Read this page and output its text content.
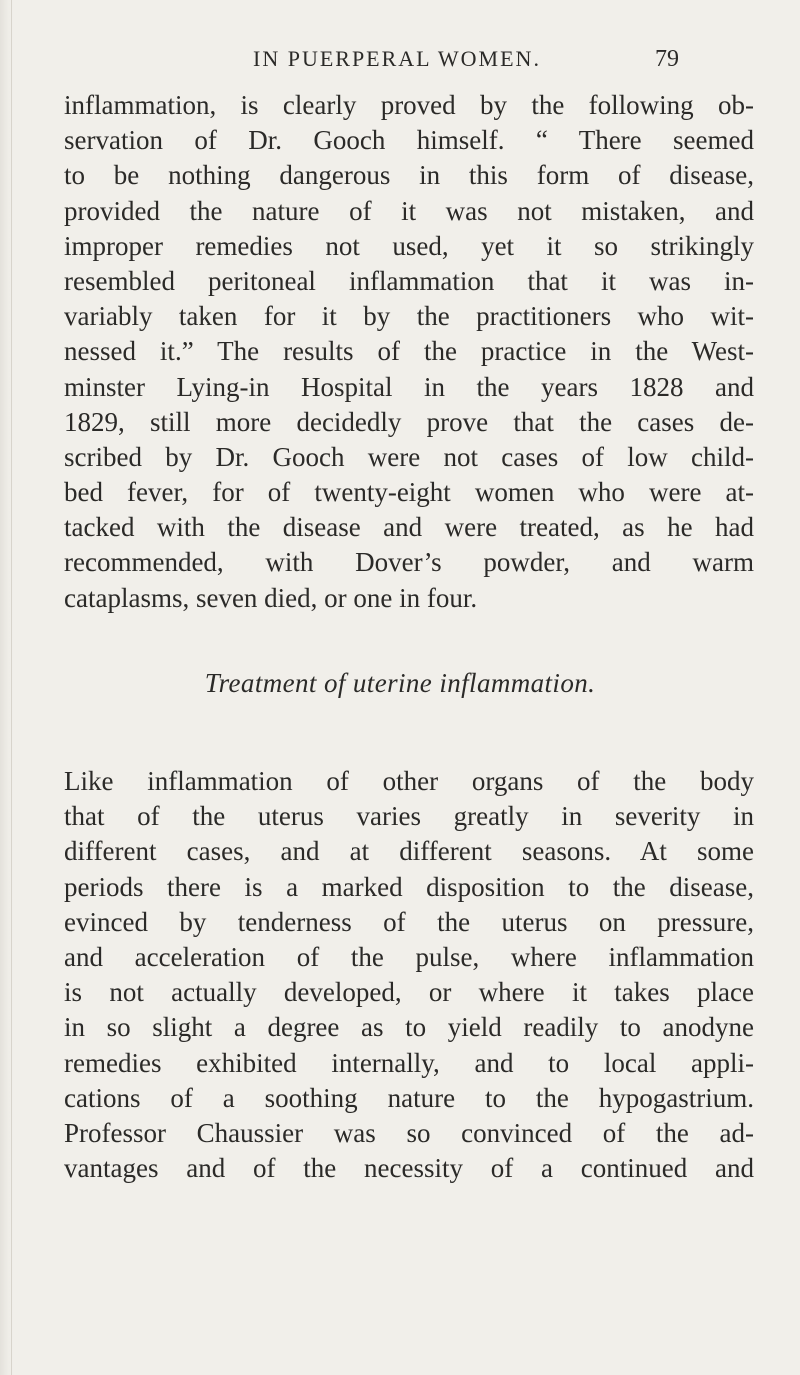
IN PUERPERAL WOMEN.	79
inflammation, is clearly proved by the following ob-
servation of Dr. Gooch himself. “ There seemed
to be nothing dangerous in this form of disease,
provided the nature of it was not mistaken, and
improper remedies not used, yet it so strikingly
resembled peritoneal inflammation that it was in-
variably taken for it by the practitioners who wit-
nessed it.” The results of the practice in the West-
minster Lying-in Hospital in the years 1828 and
1829, still more decidedly prove that the cases de-
scribed by Dr. Gooch were not cases of low child-
bed fever, for of twenty-eight women who were at-
tacked with the disease and were treated, as he had
recommended, with Dover’s powder, and warm
cataplasms, seven died, or one in four.
Treatment of uterine inflammation.
Like inflammation of other organs of the body
that of the uterus varies greatly in severity in
different cases, and at different seasons. At some
periods there is a marked disposition to the disease,
evinced by tenderness of the uterus on pressure,
and acceleration of the pulse, where inflammation
is not actually developed, or where it takes place
in so slight a degree as to yield readily to anodyne
remedies exhibited internally, and to local appli-
cations of a soothing nature to the hypogastrium.
Professor Chaussier was so convinced of the ad-
vantages and of the necessity of a continued and
